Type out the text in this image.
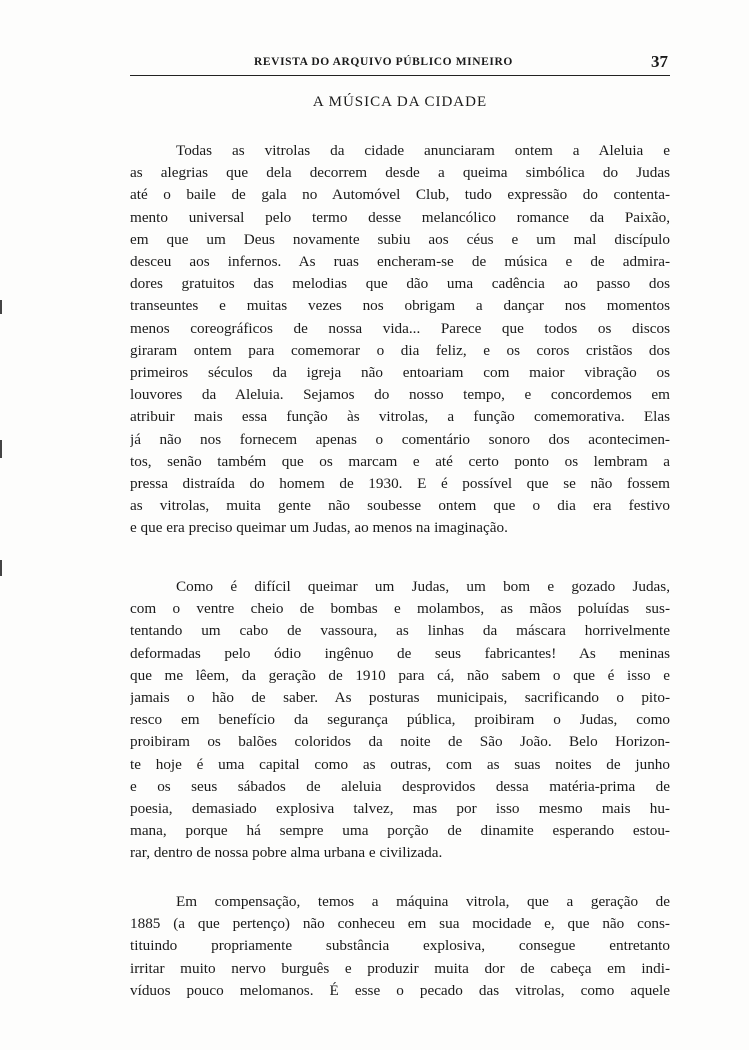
REVISTA DO ARQUIVO PÚBLICO MINEIRO	37
A MÚSICA DA CIDADE
Todas as vitrolas da cidade anunciaram ontem a Aleluia e
as alegrias que dela decorrem desde a queima simbólica do Judas
até o baile de gala no Automóvel Club, tudo expressão do contenta-
mento universal pelo termo desse melancólico romance da Paixão,
em que um Deus novamente subiu aos céus e um mal discípulo
desceu aos infernos. As ruas encheram-se de música e de admira-
dores gratuitos das melodias que dão uma cadência ao passo dos
transeuntes e muitas vezes nos obrigam a dançar nos momentos
menos coreográficos de nossa vida... Parece que todos os discos
giraram ontem para comemorar o dia feliz, e os coros cristãos dos
primeiros séculos da igreja não entoariam com maior vibração os
louvores da Aleluia. Sejamos do nosso tempo, e concordemos em
atribuir mais essa função às vitrolas, a função comemorativa. Elas
já não nos fornecem apenas o comentário sonoro dos acontecimen-
tos, senão também que os marcam e até certo ponto os lembram a
pressa distraída do homem de 1930. E é possível que se não fossem
as vitrolas, muita gente não soubesse ontem que o dia era festivo
e que era preciso queimar um Judas, ao menos na imaginação.
Como é difícil queimar um Judas, um bom e gozado Judas,
com o ventre cheio de bombas e molambos, as mãos poluídas sus-
tentando um cabo de vassoura, as linhas da máscara horrivelmente
deformadas pelo ódio ingênuo de seus fabricantes! As meninas
que me lêem, da geração de 1910 para cá, não sabem o que é isso e
jamais o hão de saber. As posturas municipais, sacrificando o pito-
resco em benefício da segurança pública, proibiram o Judas, como
proibiram os balões coloridos da noite de São João. Belo Horizon-
te hoje é uma capital como as outras, com as suas noites de junho
e os seus sábados de aleluia desprovidos dessa matéria-prima de
poesia, demasiado explosiva talvez, mas por isso mesmo mais hu-
mana, porque há sempre uma porção de dinamite esperando estou-
rar, dentro de nossa pobre alma urbana e civilizada.
Em compensação, temos a máquina vitrola, que a geração de
1885 (a que pertenço) não conheceu em sua mocidade e, que não cons-
tituindo propriamente substância explosiva, consegue entretanto
irritar muito nervo burguês e produzir muita dor de cabeça em indi-
víduos pouco melomanos. É esse o pecado das vitrolas, como aquele
